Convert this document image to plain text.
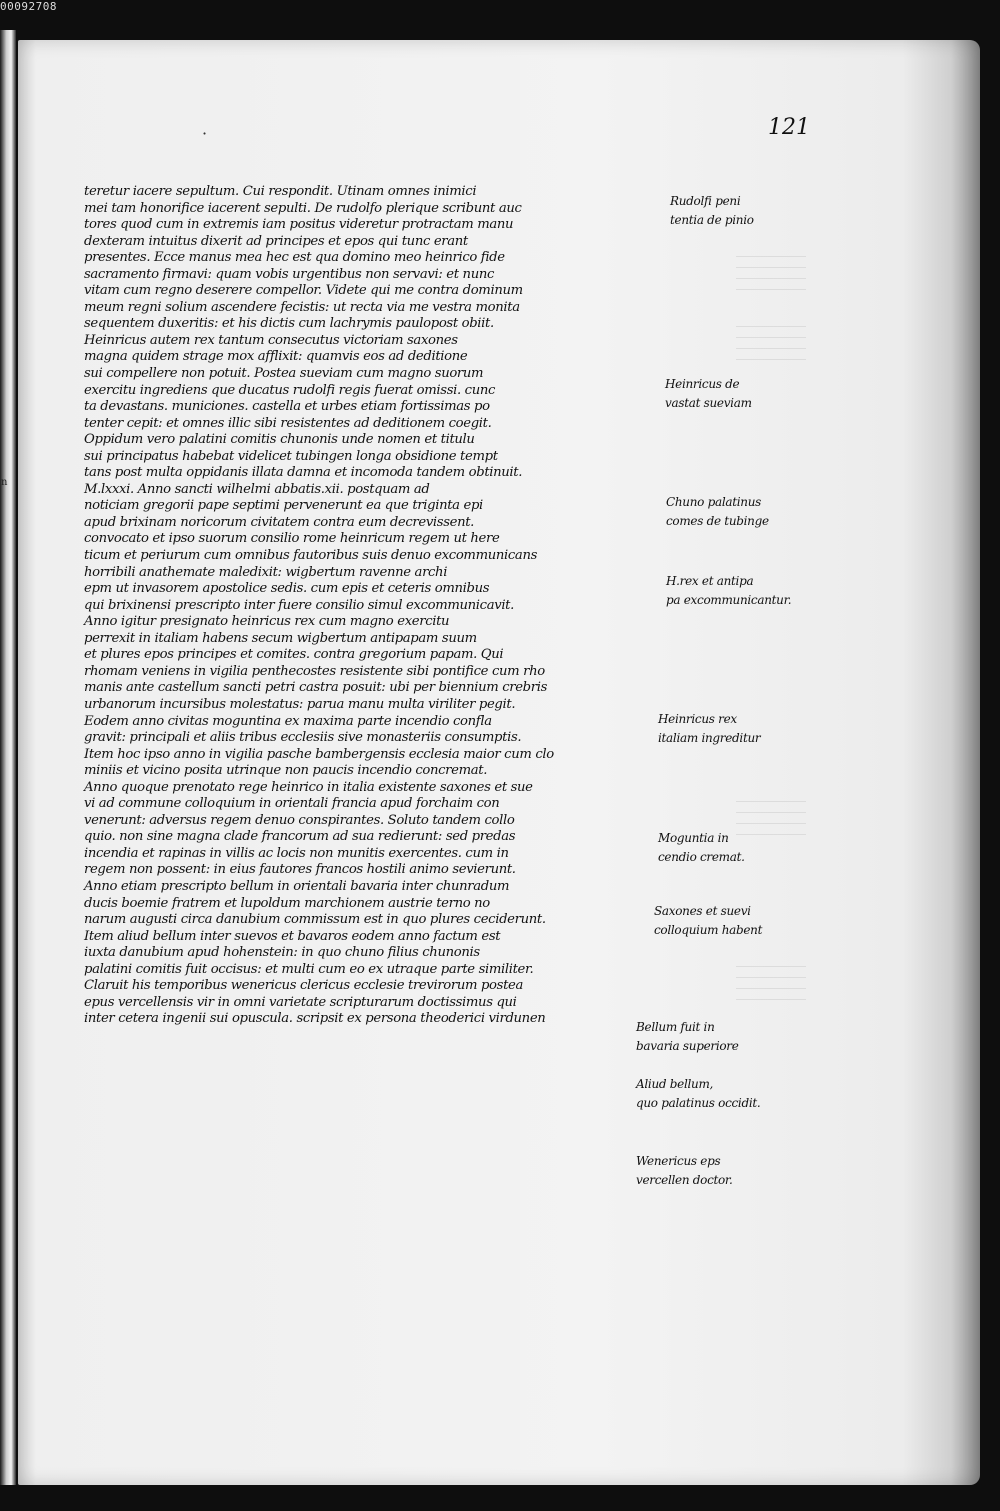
00092708
n
121
·
teretur iacere sepultum. Cui respondit. Utinam omnes inimici
mei tam honorifice iacerent sepulti. De rudolfo plerique scribunt auc
tores quod cum in extremis iam positus videretur protractam manu
dexteram intuitus dixerit ad principes et epos qui tunc erant
presentes. Ecce manus mea hec est qua domino meo heinrico fide
sacramento firmavi: quam vobis urgentibus non servavi: et nunc
vitam cum regno deserere compellor. Videte qui me contra dominum
meum regni solium ascendere fecistis: ut recta via me vestra monita
sequentem duxeritis: et his dictis cum lachrymis paulopost obiit.
Heinricus autem rex tantum consecutus victoriam saxones
magna quidem strage mox afflixit: quamvis eos ad deditione
sui compellere non potuit. Postea sueviam cum magno suorum
exercitu ingrediens que ducatus rudolfi regis fuerat omissi. cunc
ta devastans. municiones. castella et urbes etiam fortissimas po
tenter cepit: et omnes illic sibi resistentes ad deditionem coegit.
Oppidum vero palatini comitis chunonis unde nomen et titulu
sui principatus habebat videlicet tubingen longa obsidione tempt
tans post multa oppidanis illata damna et incomoda tandem obtinuit.
M.lxxxi. Anno sancti wilhelmi abbatis.xii. postquam ad
noticiam gregorii pape septimi pervenerunt ea que triginta epi
apud brixinam noricorum civitatem contra eum decrevissent.
convocato et ipso suorum consilio rome heinricum regem ut here
ticum et periurum cum omnibus fautoribus suis denuo excommunicans
horribili anathemate maledixit: wigbertum ravenne archi
epm ut invasorem apostolice sedis. cum epis et ceteris omnibus
qui brixinensi prescripto inter fuere consilio simul excommunicavit.
Anno igitur presignato heinricus rex cum magno exercitu
perrexit in italiam habens secum wigbertum antipapam suum
et plures epos principes et comites. contra gregorium papam. Qui
rhomam veniens in vigilia penthecostes resistente sibi pontifice cum rho
manis ante castellum sancti petri castra posuit: ubi per biennium crebris
urbanorum incursibus molestatus: parua manu multa viriliter pegit.
Eodem anno civitas moguntina ex maxima parte incendio confla
gravit: principali et aliis tribus ecclesiis sive monasteriis consumptis.
Item hoc ipso anno in vigilia pasche bambergensis ecclesia maior cum clo
miniis et vicino posita utrinque non paucis incendio concremat.
Anno quoque prenotato rege heinrico in italia existente saxones et sue
vi ad commune colloquium in orientali francia apud forchaim con
venerunt: adversus regem denuo conspirantes. Soluto tandem collo
quio. non sine magna clade francorum ad sua redierunt: sed predas
incendia et rapinas in villis ac locis non munitis exercentes. cum in
regem non possent: in eius fautores francos hostili animo sevierunt.
Anno etiam prescripto bellum in orientali bavaria inter chunradum
ducis boemie fratrem et lupoldum marchionem austrie terno no
narum augusti circa danubium commissum est in quo plures ceciderunt.
Item aliud bellum inter suevos et bavaros eodem anno factum est
iuxta danubium apud hohenstein: in quo chuno filius chunonis
palatini comitis fuit occisus: et multi cum eo ex utraque parte similiter.
Claruit his temporibus wenericus clericus ecclesie trevirorum postea
epus vercellensis vir in omni varietate scripturarum doctissimus qui
inter cetera ingenii sui opuscula. scripsit ex persona theoderici virdunen
Rudolfi peni
tentia de pinio
Heinricus de
vastat sueviam
Chuno palatinus
comes de tubinge
H.rex et antipa
pa excommunicantur.
Heinricus rex
italiam ingreditur
Moguntia in
cendio cremat.
Saxones et suevi
colloquium habent
Bellum fuit in
bavaria superiore
Aliud bellum,
quo palatinus occidit.
Wenericus eps
vercellen doctor.
